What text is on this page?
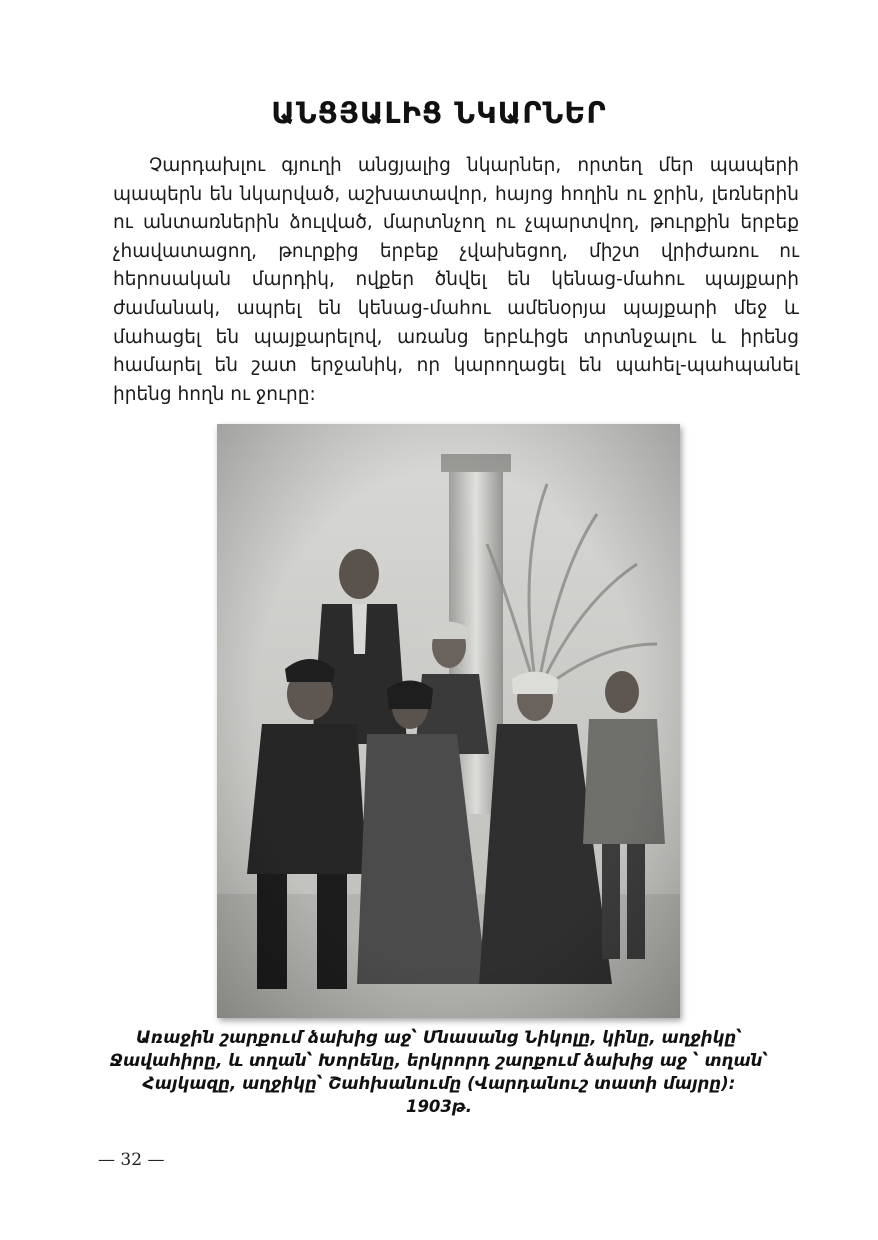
ԱՆՑՅԱԼԻՑ ՆԿԱՐՆԵՐ

Չարդախլու գյուղի անցյալից նկարներ, որտեղ մեր պապերի պապերն են նկարված, աշխատավոր, հայոց հողին ու ջրին, լեռներին ու անտառներին ձուլված, մարտնչող ու չպարտվող, թուրքին երբեք չհավատացող, թուրքից երբեք չվախեցող, միշտ վրիժառու ու հերոսական մարդիկ, ովքեր ծնվել են կենաց-մահու պայքարի ժամանակ, ապրել են կենաց-մահու ամենօրյա պայքարի մեջ և մահացել են պայքարելով, առանց երբևիցե տրտնջալու և իրենց համարել են շատ երջանիկ, որ կարողացել են պահել-պահպանել իրենց հողն ու ջուրը:

Առաջին շարքում ձախից աջ՝ Մնասանց Նիկոլը, կինը, աղջիկը՝ Ջավահիրը, և տղան՝ Խորենը, երկրորդ շարքում ձախից աջ ՝ տղան՝ Հայկազը, աղջիկը՝ Շահխանումը (Վարդանուշ տատի մայրը):
1903թ.
— 32 —
